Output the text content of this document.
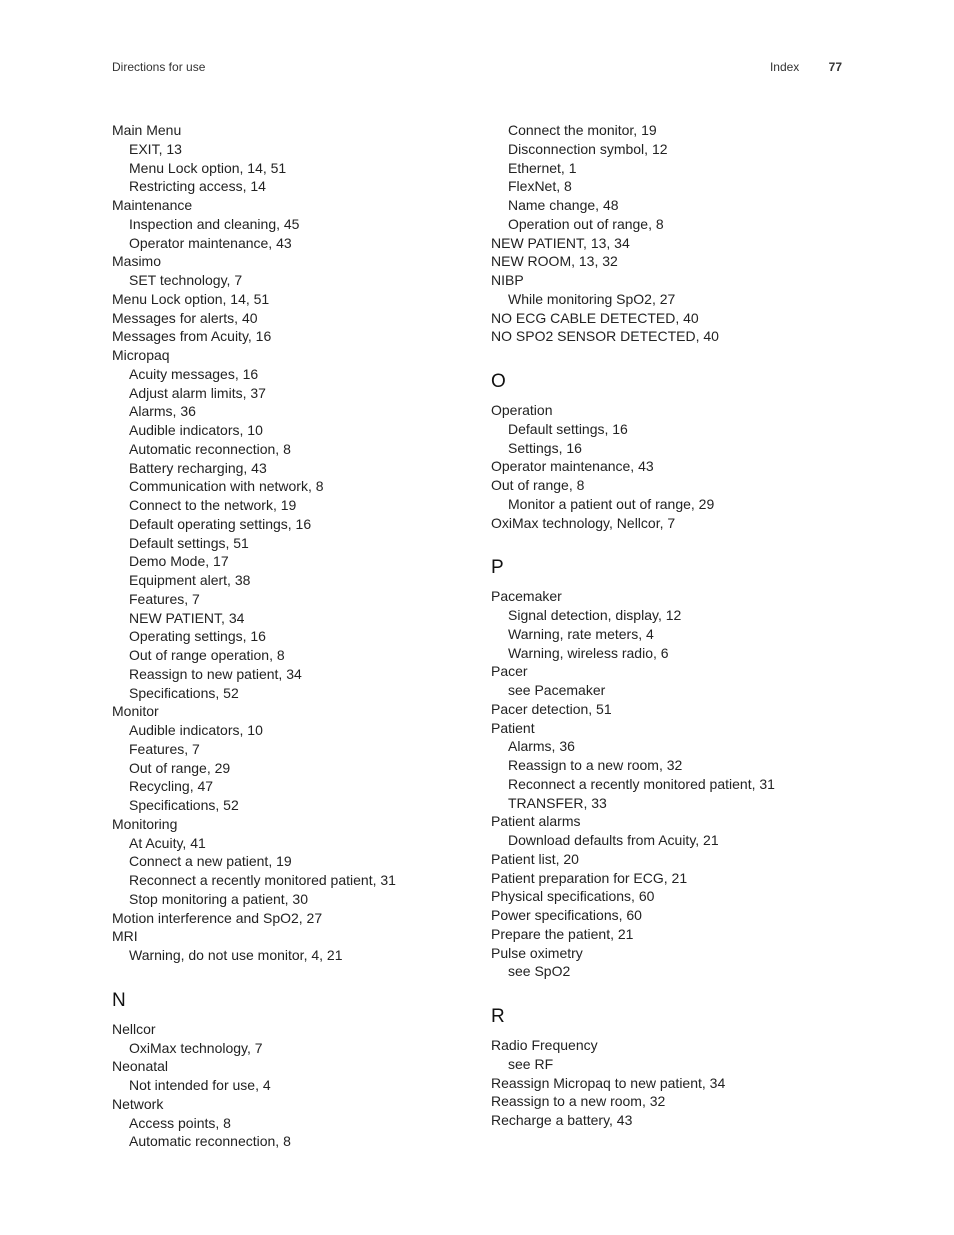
Directions for use	Index 77
Main Menu
EXIT, 13
Menu Lock option, 14, 51
Restricting access, 14
Maintenance
Inspection and cleaning, 45
Operator maintenance, 43
Masimo
SET technology, 7
Menu Lock option, 14, 51
Messages for alerts, 40
Messages from Acuity, 16
Micropaq
Acuity messages, 16
Adjust alarm limits, 37
Alarms, 36
Audible indicators, 10
Automatic reconnection, 8
Battery recharging, 43
Communication with network, 8
Connect to the network, 19
Default operating settings, 16
Default settings, 51
Demo Mode, 17
Equipment alert, 38
Features, 7
NEW PATIENT, 34
Operating settings, 16
Out of range operation, 8
Reassign to new patient, 34
Specifications, 52
Monitor
Audible indicators, 10
Features, 7
Out of range, 29
Recycling, 47
Specifications, 52
Monitoring
At Acuity, 41
Connect a new patient, 19
Reconnect a recently monitored patient, 31
Stop monitoring a patient, 30
Motion interference and SpO2, 27
MRI
Warning, do not use monitor, 4, 21
N
Nellcor
OxiMax technology, 7
Neonatal
Not intended for use, 4
Network
Access points, 8
Automatic reconnection, 8
Connect the monitor, 19
Disconnection symbol, 12
Ethernet, 1
FlexNet, 8
Name change, 48
Operation out of range, 8
NEW PATIENT, 13, 34
NEW ROOM, 13, 32
NIBP
While monitoring SpO2, 27
NO ECG CABLE DETECTED, 40
NO SPO2 SENSOR DETECTED, 40
O
Operation
Default settings, 16
Settings, 16
Operator maintenance, 43
Out of range, 8
Monitor a patient out of range, 29
OxiMax technology, Nellcor, 7
P
Pacemaker
Signal detection, display, 12
Warning, rate meters, 4
Warning, wireless radio, 6
Pacer
see Pacemaker
Pacer detection, 51
Patient
Alarms, 36
Reassign to a new room, 32
Reconnect a recently monitored patient, 31
TRANSFER, 33
Patient alarms
Download defaults from Acuity, 21
Patient list, 20
Patient preparation for ECG, 21
Physical specifications, 60
Power specifications, 60
Prepare the patient, 21
Pulse oximetry
see SpO2
R
Radio Frequency
see RF
Reassign Micropaq to new patient, 34
Reassign to a new room, 32
Recharge a battery, 43
